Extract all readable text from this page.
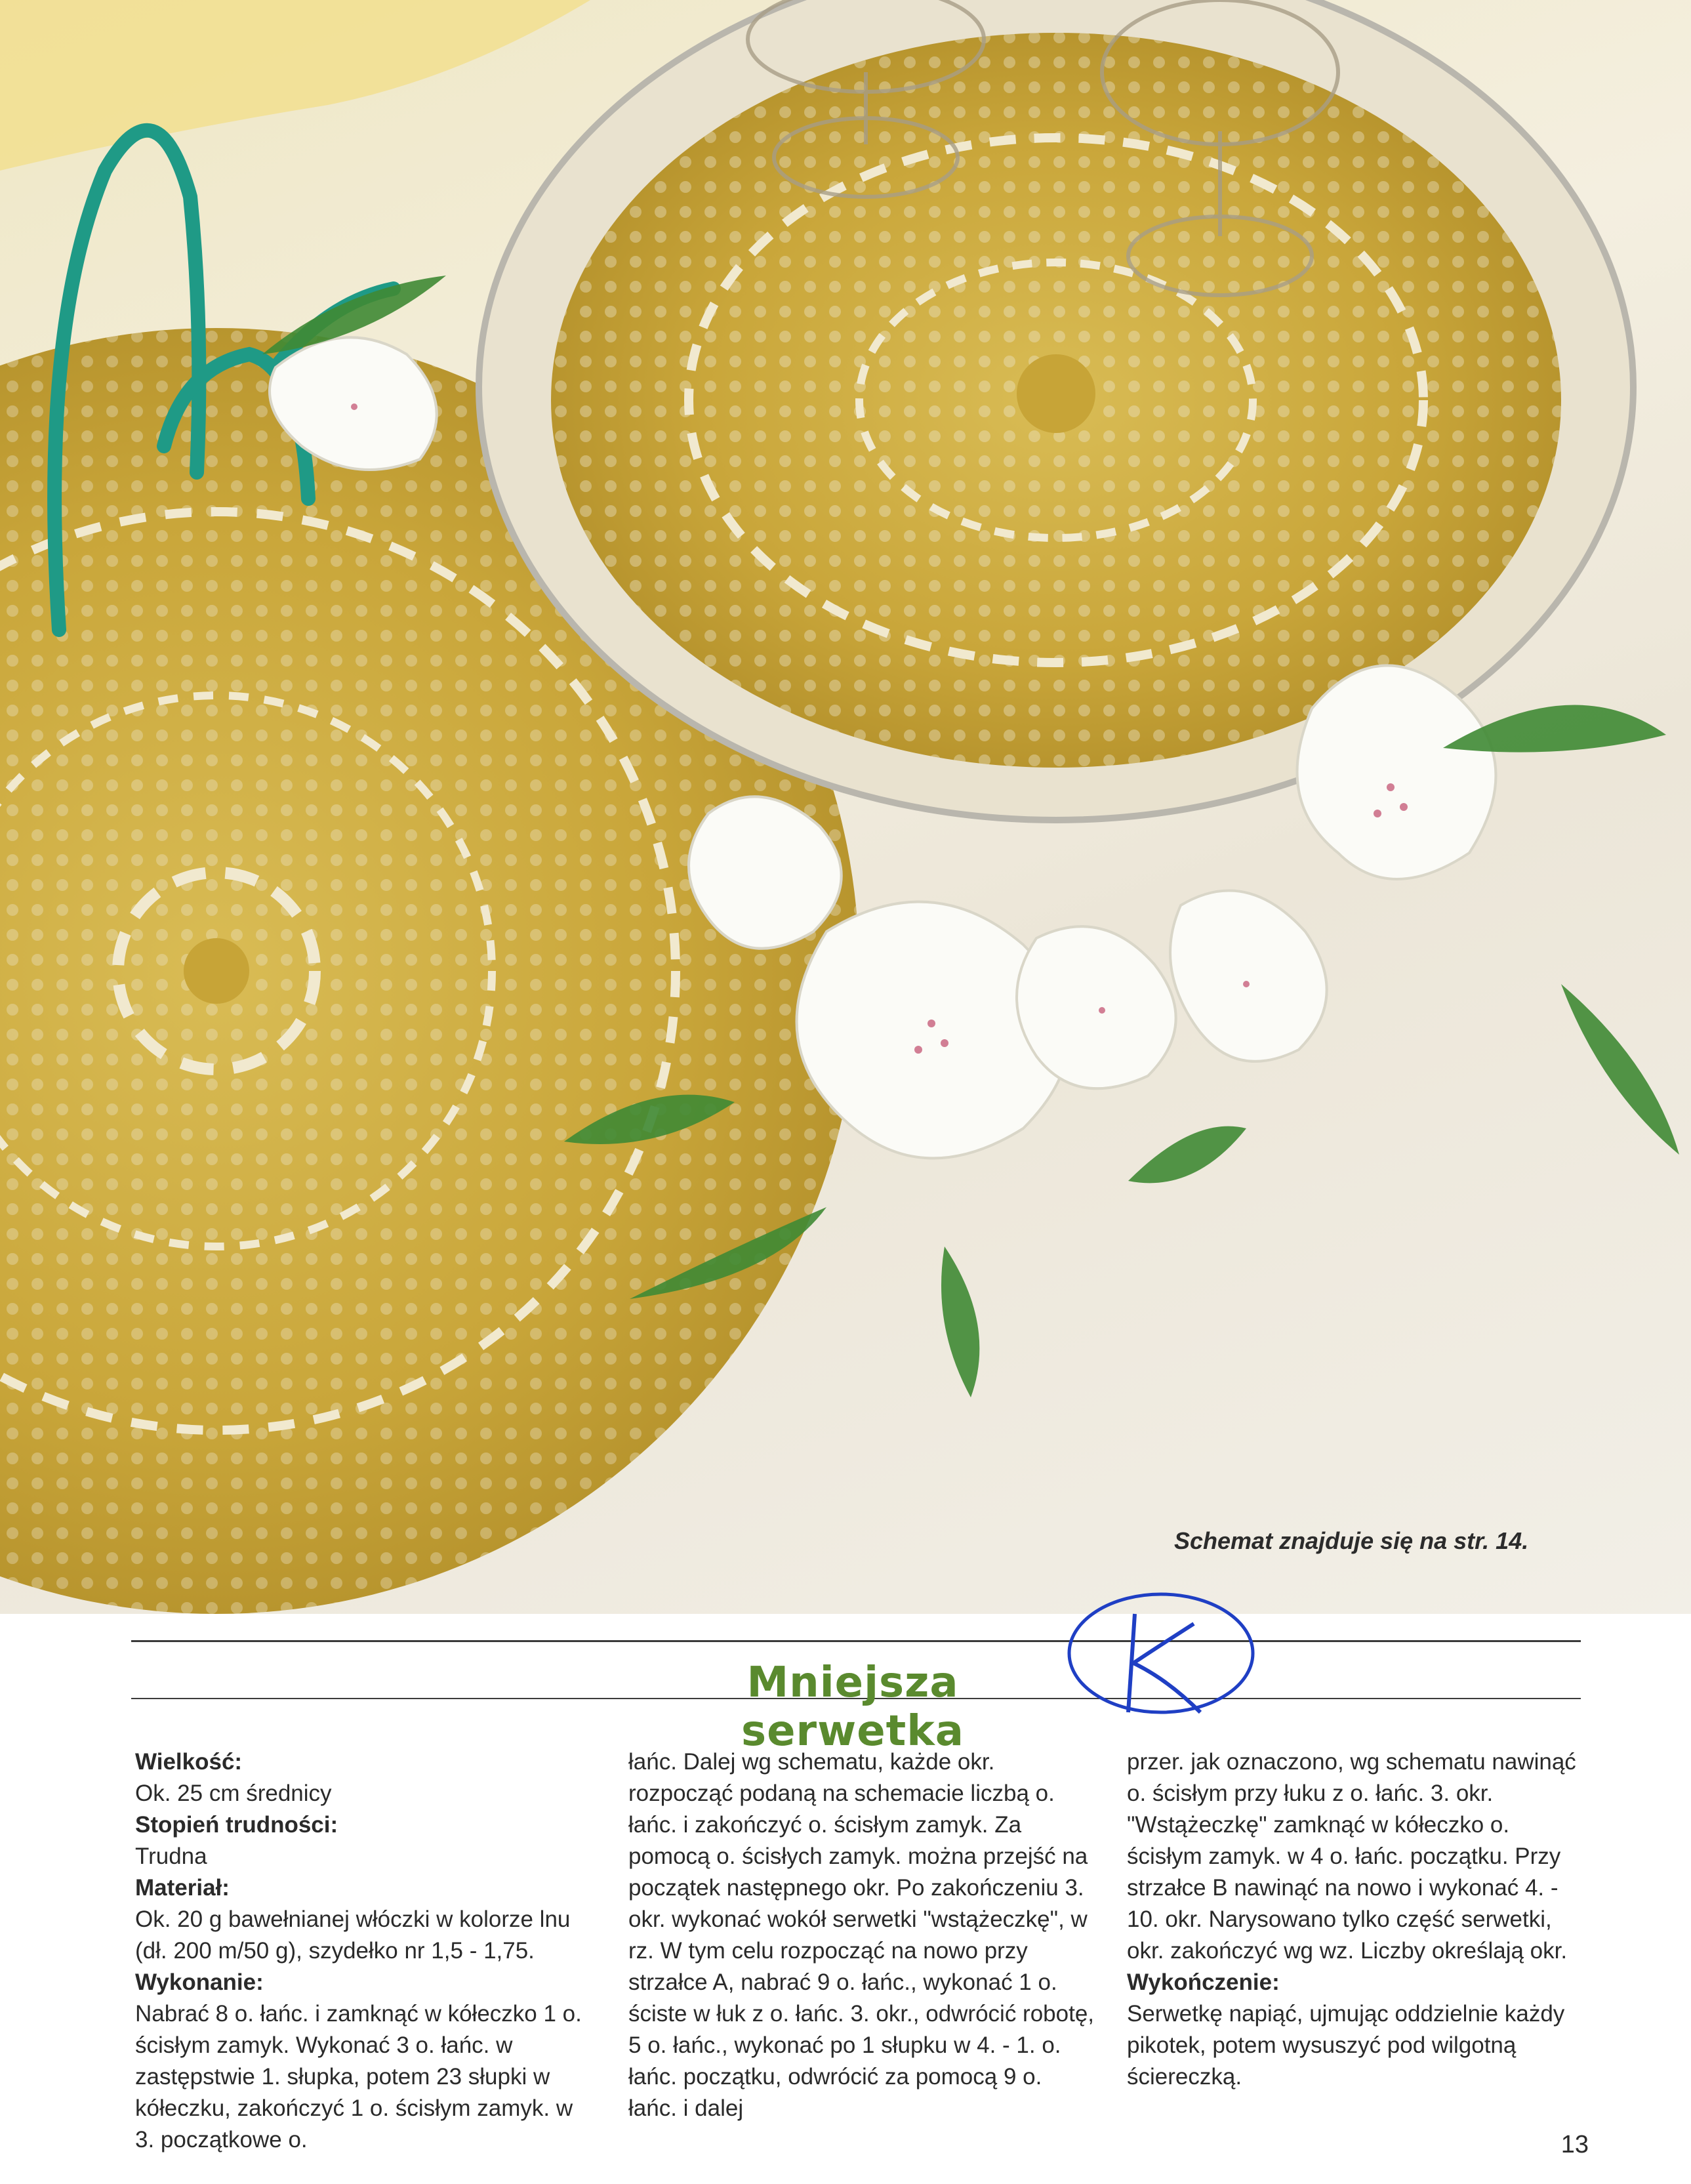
Schemat znajduje się na str. 14.
Mniejsza serwetka

Wielkość:

Ok. 25 cm średnicy

Stopień trudności:

Trudna

Materiał:

Ok. 20 g bawełnianej włóczki w kolorze lnu (dł. 200 m/50 g), szydełko nr 1,5 - 1,75.

Wykonanie:

Nabrać 8 o. łańc. i zamknąć w kółeczko 1 o. ścisłym zamyk. Wykonać 3 o. łańc. w zastępstwie 1. słupka, potem 23 słupki w kółeczku, zakończyć 1 o. ścisłym zamyk. w 3. początkowe o.

łańc. Dalej wg schematu, każde okr. rozpocząć podaną na schemacie liczbą o. łańc. i zakończyć o. ścisłym zamyk. Za pomocą o. ścisłych zamyk. można przejść na początek następnego okr. Po zakończeniu 3. okr. wykonać wokół serwetki "wstążeczkę", w rz. W tym celu rozpocząć na nowo przy strzałce A, nabrać 9 o. łańc., wykonać 1 o. ściste w łuk z o. łańc. 3. okr., odwrócić robotę, 5 o. łańc., wykonać po 1 słupku w 4. - 1. o. łańc. początku, odwrócić za pomocą 9 o. łańc. i dalej

przer. jak oznaczono, wg schematu nawinąć o. ścisłym przy łuku z o. łańc. 3. okr. "Wstążeczkę" zamknąć w kółeczko o. ścisłym zamyk. w 4 o. łańc. początku. Przy strzałce B nawinąć na nowo i wykonać 4. - 10. okr. Narysowano tylko część serwetki, okr. zakończyć wg wz. Liczby określają okr.

Wykończenie:

Serwetkę napiąć, ujmując oddzielnie każdy pikotek, potem wysuszyć pod wilgotną ściereczką.

13
